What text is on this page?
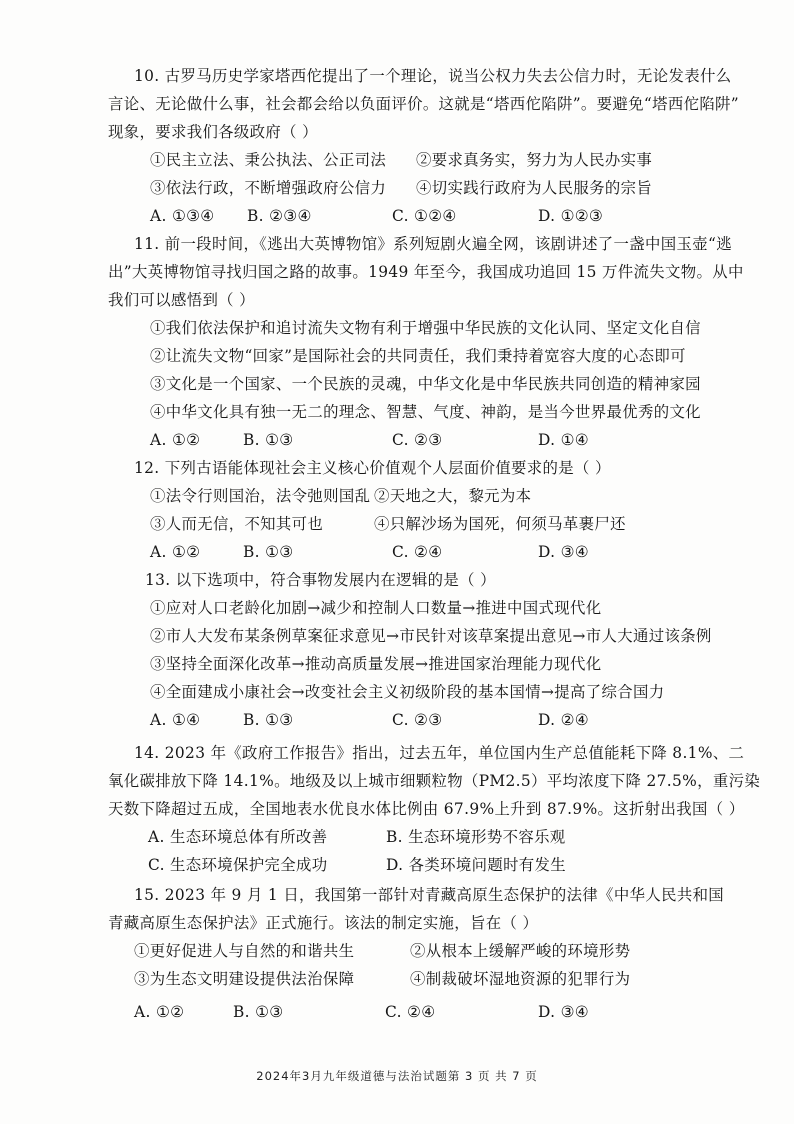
10. 古罗马历史学家塔西佗提出了一个理论，说当公权力失去公信力时，无论发表什么
言论、无论做什么事，社会都会给以负面评价。这就是“塔西佗陷阱”。要避免“塔西佗陷阱”
现象，要求我们各级政府（ ）
①民主立法、秉公执法、公正司法 ②要求真务实，努力为人民办实事
③依法行政，不断增强政府公信力 ④切实践行政府为人民服务的宗旨
A. ①③④ B. ②③④	C. ①②④	D. ①②③
11. 前一段时间，《逃出大英博物馆》系列短剧火遍全网，该剧讲述了一盏中国玉壶“逃
出”大英博物馆寻找归国之路的故事。1949 年至今，我国成功追回 15 万件流失文物。从中
我们可以感悟到（ ）
①我们依法保护和追讨流失文物有利于增强中华民族的文化认同、坚定文化自信
②让流失文物“回家”是国际社会的共同责任，我们秉持着宽容大度的心态即可
③文化是一个国家、一个民族的灵魂，中华文化是中华民族共同创造的精神家园
④中华文化具有独一无二的理念、智慧、气度、神韵，是当今世界最优秀的文化
A. ①②	B. ①③	C. ②③	D. ①④
12. 下列古语能体现社会主义核心价值观个人层面价值要求的是（ ）
①法令行则国治，法令弛则国乱 ②天地之大，黎元为本
③人而无信，不知其可也	④只解沙场为国死，何须马革裹尸还
A. ①②	B. ①③	C. ②④	D. ③④
13. 以下选项中，符合事物发展内在逻辑的是（ ）
①应对人口老龄化加剧→减少和控制人口数量→推进中国式现代化
②市人大发布某条例草案征求意见→市民针对该草案提出意见→市人大通过该条例
③坚持全面深化改革→推动高质量发展→推进国家治理能力现代化
④全面建成小康社会→改变社会主义初级阶段的基本国情→提高了综合国力
A. ①④	B. ①③	C. ②③	D. ②④
14. 2023 年《政府工作报告》指出，过去五年，单位国内生产总值能耗下降 8.1%、二
氧化碳排放下降 14.1%。地级及以上城市细颗粒物（PM2.5）平均浓度下降 27.5%，重污染
天数下降超过五成，全国地表水优良水体比例由 67.9%上升到 87.9%。这折射出我国（ ）
A. 生态环境总体有所改善	B. 生态环境形势不容乐观
C. 生态环境保护完全成功	D. 各类环境问题时有发生
15. 2023 年 9 月 1 日，我国第一部针对青藏高原生态保护的法律《中华人民共和国
青藏高原生态保护法》正式施行。该法的制定实施，旨在（ ）
①更好促进人与自然的和谐共生	②从根本上缓解严峻的环境形势
③为生态文明建设提供法治保障	④制裁破坏湿地资源的犯罪行为
A. ①②	B. ①③	C. ②④	D. ③④
2024年3月九年级道德与法治试题第 3 页 共 7 页
